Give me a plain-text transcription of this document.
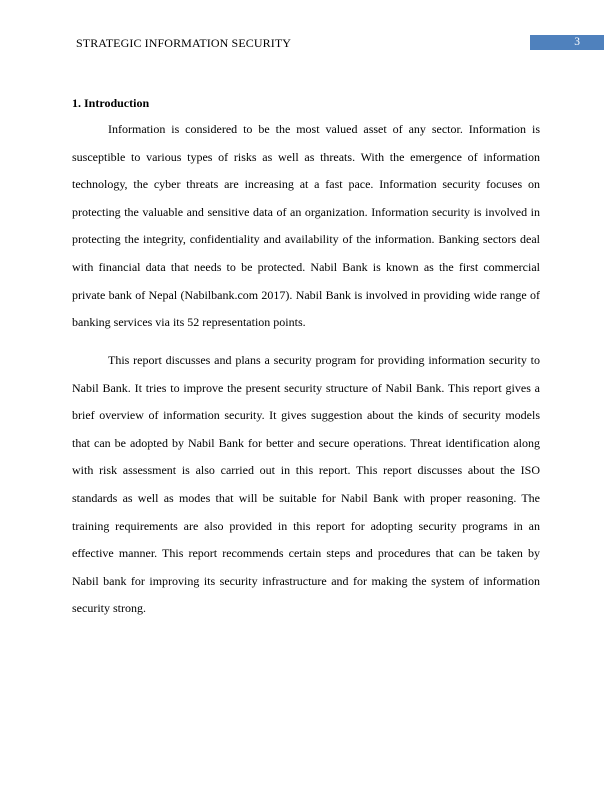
STRATEGIC INFORMATION SECURITY	3
1. Introduction

Information is considered to be the most valued asset of any sector. Information is susceptible to various types of risks as well as threats. With the emergence of information technology, the cyber threats are increasing at a fast pace. Information security focuses on protecting the valuable and sensitive data of an organization. Information security is involved in protecting the integrity, confidentiality and availability of the information. Banking sectors deal with financial data that needs to be protected. Nabil Bank is known as the first commercial private bank of Nepal (Nabilbank.com 2017). Nabil Bank is involved in providing wide range of banking services via its 52 representation points.

This report discusses and plans a security program for providing information security to Nabil Bank. It tries to improve the present security structure of Nabil Bank. This report gives a brief overview of information security. It gives suggestion about the kinds of security models that can be adopted by Nabil Bank for better and secure operations. Threat identification along with risk assessment is also carried out in this report. This report discusses about the ISO standards as well as modes that will be suitable for Nabil Bank with proper reasoning. The training requirements are also provided in this report for adopting security programs in an effective manner. This report recommends certain steps and procedures that can be taken by Nabil bank for improving its security infrastructure and for making the system of information security strong.
